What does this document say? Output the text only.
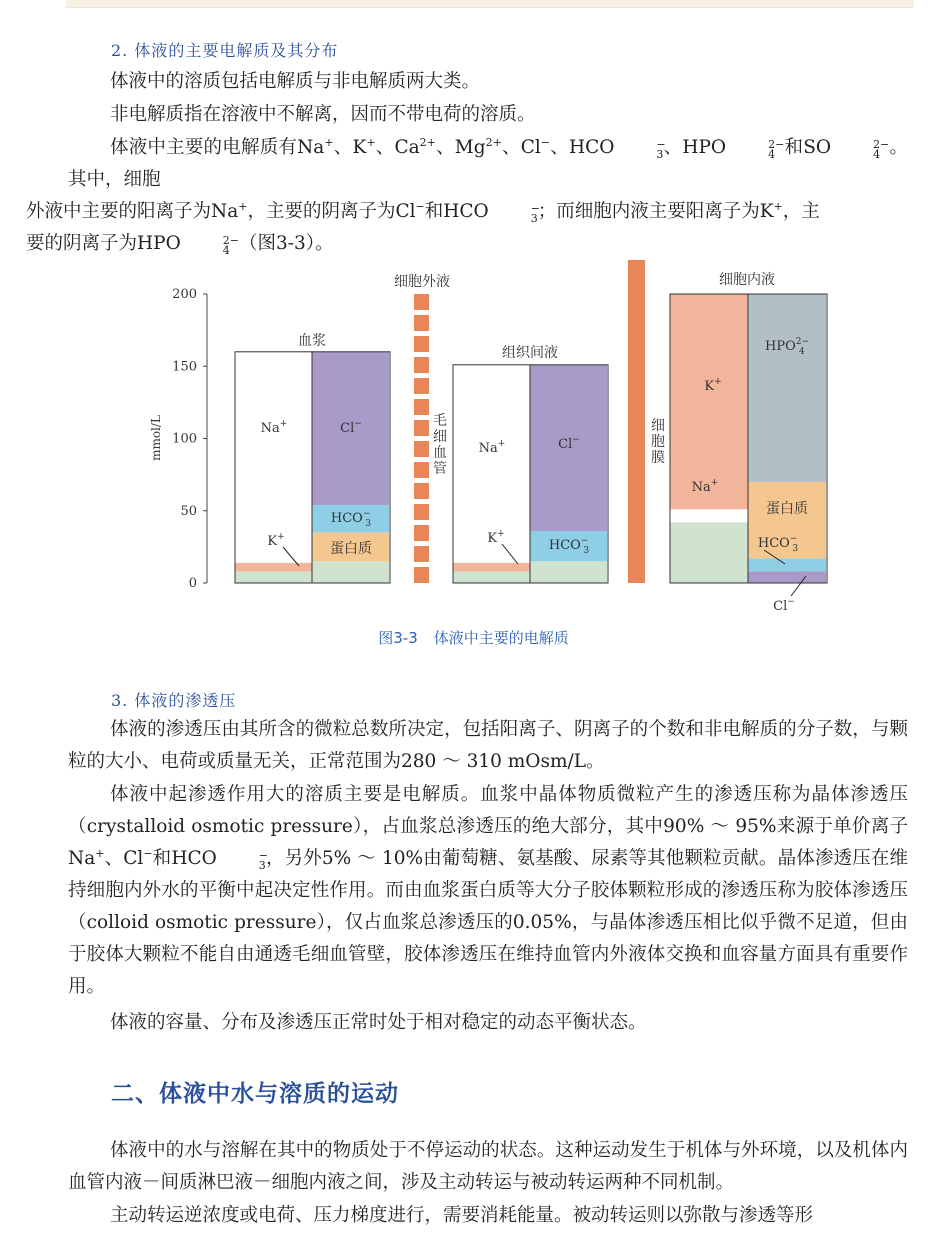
2. 体液的主要电解质及其分布
体液中的溶质包括电解质与非电解质两大类。
非电解质指在溶液中不解离，因而不带电荷的溶质。
体液中主要的电解质有Na+、K+、$Ca^{2+}$、$Mg^{2+}$、Cl−、HCO	−
3 、HPO	2−
4 和SO	2−
4 。其中，细胞
外液中主要的阳离子为Na+，主要的阴离子为Cl−和HCO	−
3 ；而细胞内液主要阳离子为K+，主
要的阴离子为HPO	2−
4 （图3-3）。
0
50
100
150
200
mmol/L
细胞外液	细胞内液
血浆
组织间液
毛
细
血
管
细
胞
膜
Na+	Cl−
HCO− 3
蛋白质
K+
Na+	Cl−
HCO− 3
K+
K+
Na+
$HPO^{2-}$ 4
蛋白质
HCO− 3
Cl−
图3-3 体液中主要的电解质
3. 体液的渗透压
体液的渗透压由其所含的微粒总数所决定，包括阳离子、阴离子的个数和非电解质的分子数，与颗粒的大小、电荷或质量无关，正常范围为280 ～ 310 mOsm/L。
体液中起渗透作用大的溶质主要是电解质。血浆中晶体物质微粒产生的渗透压称为晶体渗透压（crystalloid osmotic pressure），占血浆总渗透压的绝大部分，其中90% ～ 95%来源于单价离子Na+、Cl−和HCO	−
3 ，另外5% ～ 10%由葡萄糖、氨基酸、尿素等其他颗粒贡献。晶体渗透压在维持细胞内外水的平衡中起决定性作用。而由血浆蛋白质等大分子胶体颗粒形成的渗透压称为胶体渗透压（colloid osmotic pressure），仅占血浆总渗透压的0.05%，与晶体渗透压相比似乎微不足道，但由于胶体大颗粒不能自由通透毛细血管壁，胶体渗透压在维持血管内外液体交换和血容量方面具有重要作用。
体液的容量、分布及渗透压正常时处于相对稳定的动态平衡状态。
二、体液中水与溶质的运动
体液中的水与溶解在其中的物质处于不停运动的状态。这种运动发生于机体与外环境，以及机体内血管内液－间质淋巴液－细胞内液之间，涉及主动转运与被动转运两种不同机制。
主动转运逆浓度或电荷、压力梯度进行，需要消耗能量。被动转运则以弥散与渗透等形
